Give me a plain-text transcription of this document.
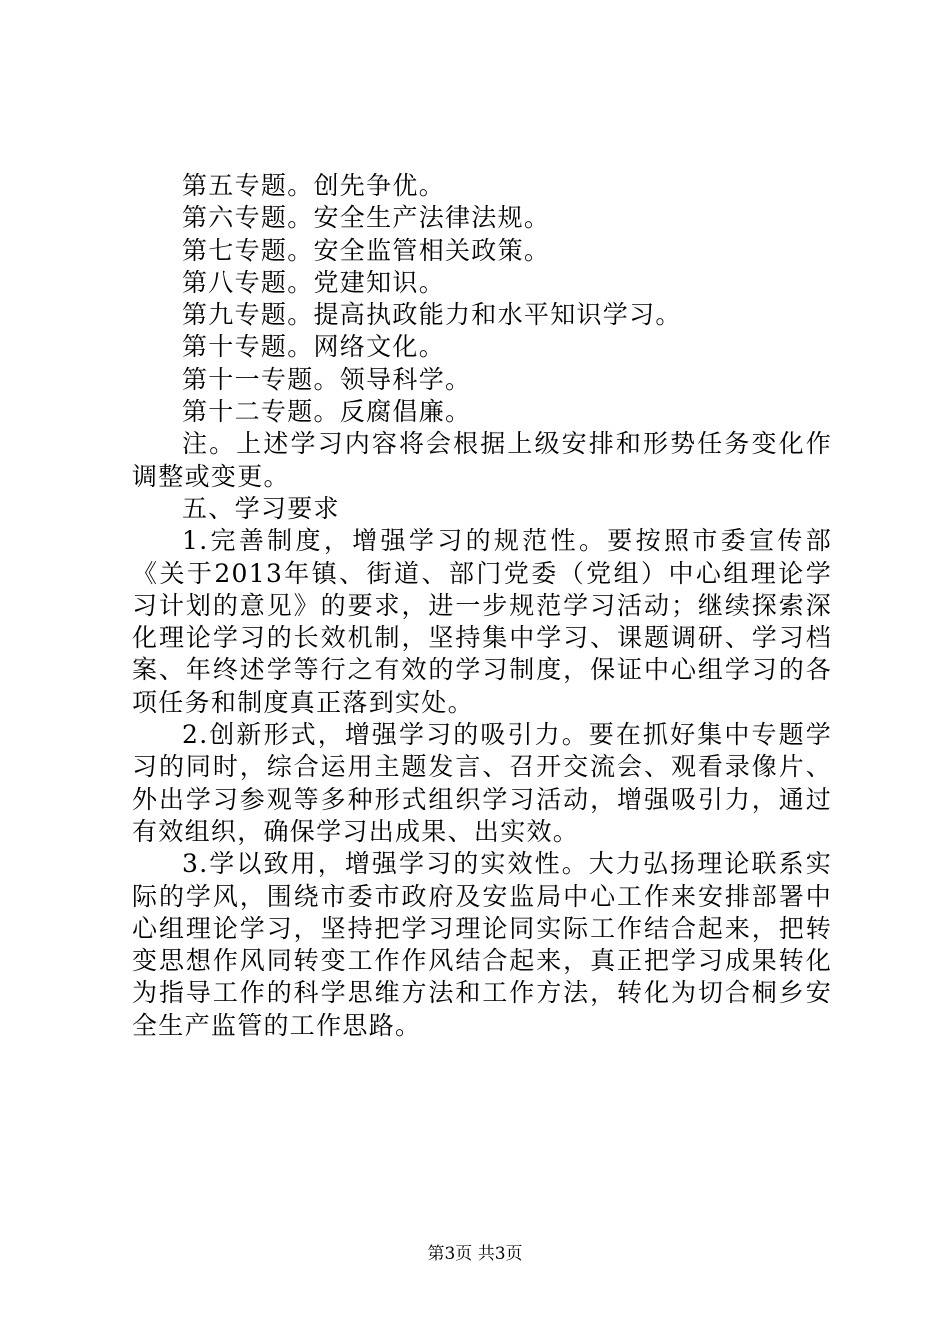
第五专题。创先争优。

第六专题。安全生产法律法规。

第七专题。安全监管相关政策。

第八专题。党建知识。

第九专题。提高执政能力和水平知识学习。

第十专题。网络文化。

第十一专题。领导科学。

第十二专题。反腐倡廉。

注。上述学习内容将会根据上级安排和形势任务变化作调整或变更。

五、学习要求

1.完善制度，增强学习的规范性。要按照市委宣传部《关于2013年镇、街道、部门党委（党组）中心组理论学习计划的意见》的要求，进一步规范学习活动；继续探索深化理论学习的长效机制，坚持集中学习、课题调研、学习档案、年终述学等行之有效的学习制度，保证中心组学习的各项任务和制度真正落到实处。

2.创新形式，增强学习的吸引力。要在抓好集中专题学习的同时，综合运用主题发言、召开交流会、观看录像片、外出学习参观等多种形式组织学习活动，增强吸引力，通过有效组织，确保学习出成果、出实效。

3.学以致用，增强学习的实效性。大力弘扬理论联系实际的学风，围绕市委市政府及安监局中心工作来安排部署中心组理论学习，坚持把学习理论同实际工作结合起来，把转变思想作风同转变工作作风结合起来，真正把学习成果转化为指导工作的科学思维方法和工作方法，转化为切合桐乡安全生产监管的工作思路。

第3页 共3页
